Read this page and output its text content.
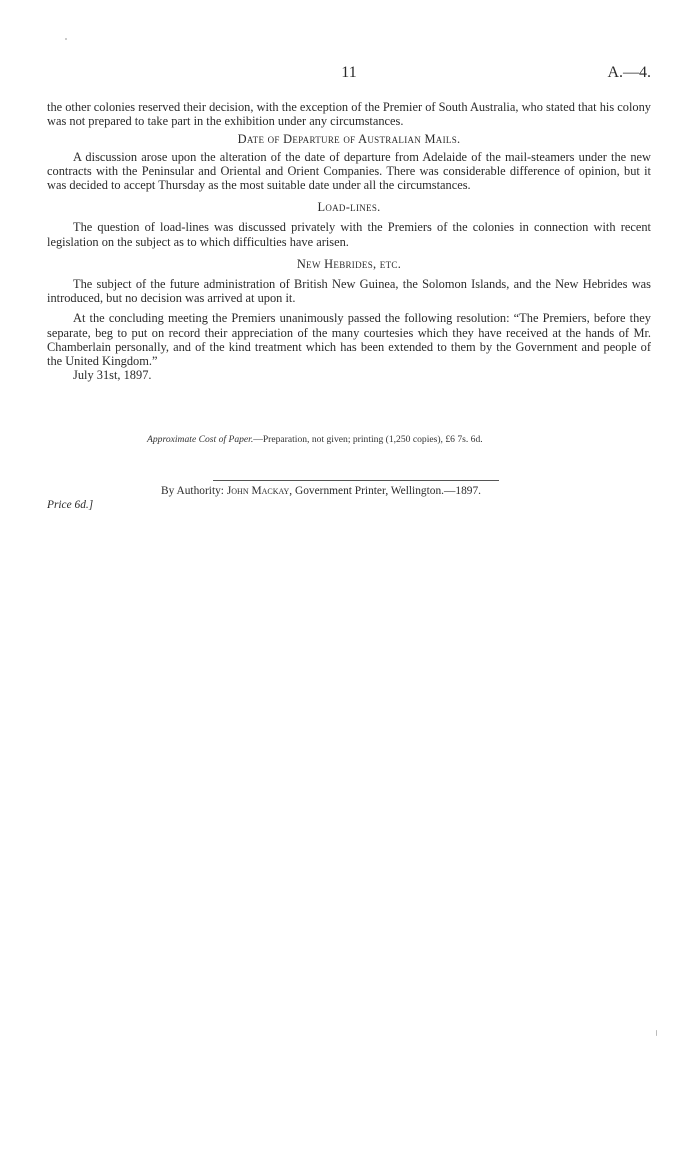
11	A.—4.

the other colonies reserved their decision, with the exception of the Premier of South Australia, who stated that his colony was not prepared to take part in the exhibition under any circumstances.

Date of Departure of Australian Mails.

A discussion arose upon the alteration of the date of departure from Adelaide of the mail-steamers under the new contracts with the Peninsular and Oriental and Orient Companies. There was considerable difference of opinion, but it was decided to accept Thursday as the most suitable date under all the circumstances.

Load-lines.

The question of load-lines was discussed privately with the Premiers of the colonies in connection with recent legislation on the subject as to which difficulties have arisen.

New Hebrides, etc.

The subject of the future administration of British New Guinea, the Solomon Islands, and the New Hebrides was introduced, but no decision was arrived at upon it.

At the concluding meeting the Premiers unanimously passed the following resolution: “The Premiers, before they separate, beg to put on record their appreciation of the many courtesies which they have received at the hands of Mr. Chamberlain personally, and of the kind treatment which has been extended to them by the Government and people of the United Kingdom.”

July 31st, 1897.
Approximate Cost of Paper.—Preparation, not given; printing (1,250 copies), £6 7s. 6d.
By Authority: John Mackay, Government Printer, Wellington.—1897.
Price 6d.]
